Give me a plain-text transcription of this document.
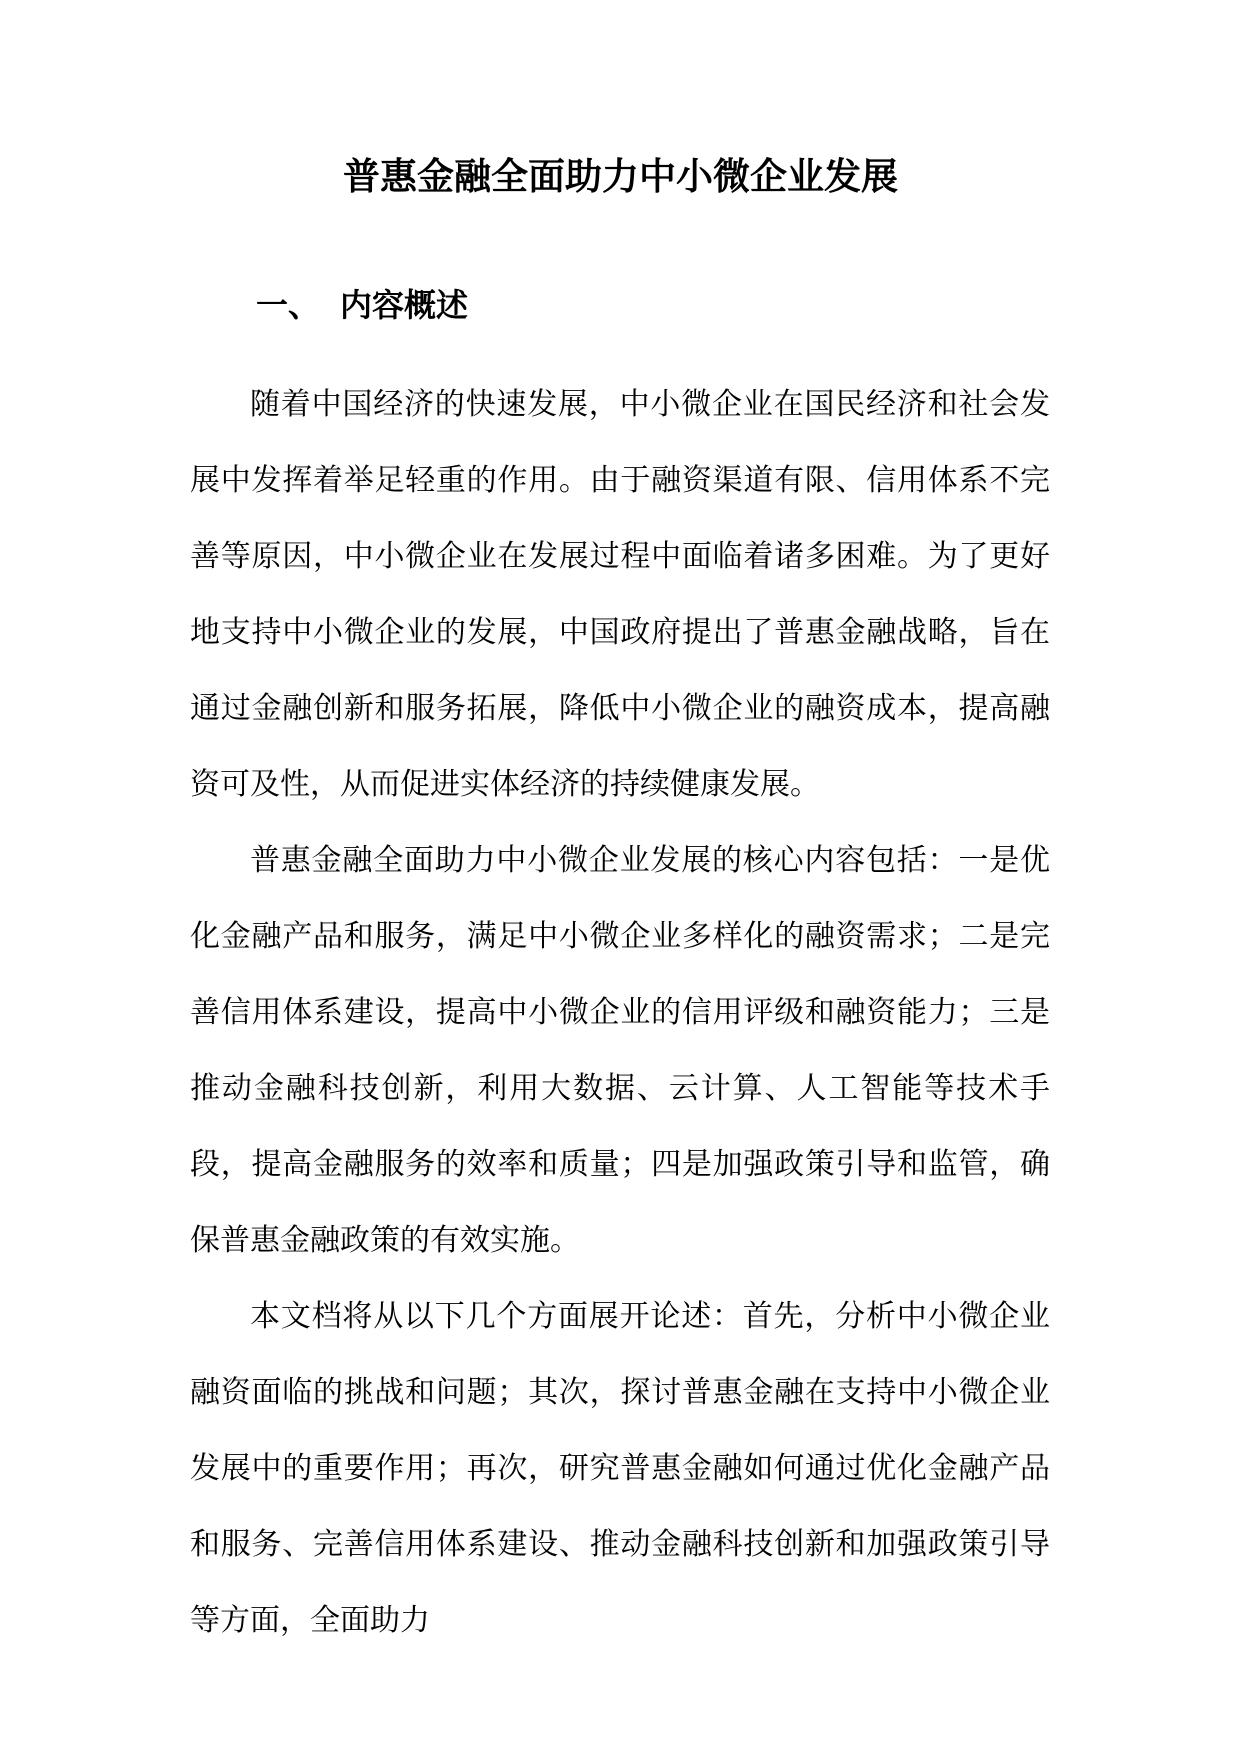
普惠金融全面助力中小微企业发展
一、 内容概述

随着中国经济的快速发展，中小微企业在国民经济和社会发展中发挥着举足轻重的作用。由于融资渠道有限、信用体系不完善等原因，中小微企业在发展过程中面临着诸多困难。为了更好地支持中小微企业的发展，中国政府提出了普惠金融战略，旨在通过金融创新和服务拓展，降低中小微企业的融资成本，提高融资可及性，从而促进实体经济的持续健康发展。

普惠金融全面助力中小微企业发展的核心内容包括：一是优化金融产品和服务，满足中小微企业多样化的融资需求；二是完善信用体系建设，提高中小微企业的信用评级和融资能力；三是推动金融科技创新，利用大数据、云计算、人工智能等技术手段，提高金融服务的效率和质量；四是加强政策引导和监管，确保普惠金融政策的有效实施。

本文档将从以下几个方面展开论述：首先，分析中小微企业融资面临的挑战和问题；其次，探讨普惠金融在支持中小微企业发展中的重要作用；再次，研究普惠金融如何通过优化金融产品和服务、完善信用体系建设、推动金融科技创新和加强政策引导等方面，全面助力
